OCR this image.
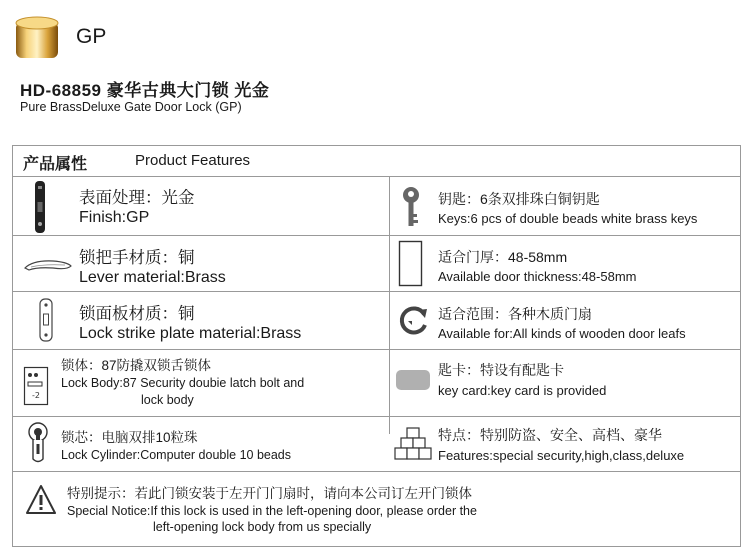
GP
HD-68859 豪华古典大门锁 光金
Pure BrassDeluxe Gate Door Lock (GP)
产品属性	Product Features
表面处理：光金
Finish:GP
钥匙：6条双排珠白铜钥匙
Keys:6 pcs of double beads white brass keys
锁把手材质：铜
Lever material:Brass
适合门厚：48-58mm
Available door thickness:48-58mm
锁面板材质：铜
Lock strike plate material:Brass
适合范围：各种木质门扇
Available for:All kinds of wooden door leafs
-2
锁体：87防撬双锁舌锁体
Lock Body:87 Security doubie latch bolt and
lock body
匙卡：特设有配匙卡
key card:key card is provided
锁芯：电脑双排10粒珠
Lock Cylinder:Computer double 10 beads
特点：特别防盗、安全、高档、豪华
Features:special security,high,class,deluxe
特别提示：若此门锁安装于左开门门扇时，请向本公司订左开门锁体
Special Notice:If this lock is used in the left-opening door, please order the
left-opening lock body from us specially
